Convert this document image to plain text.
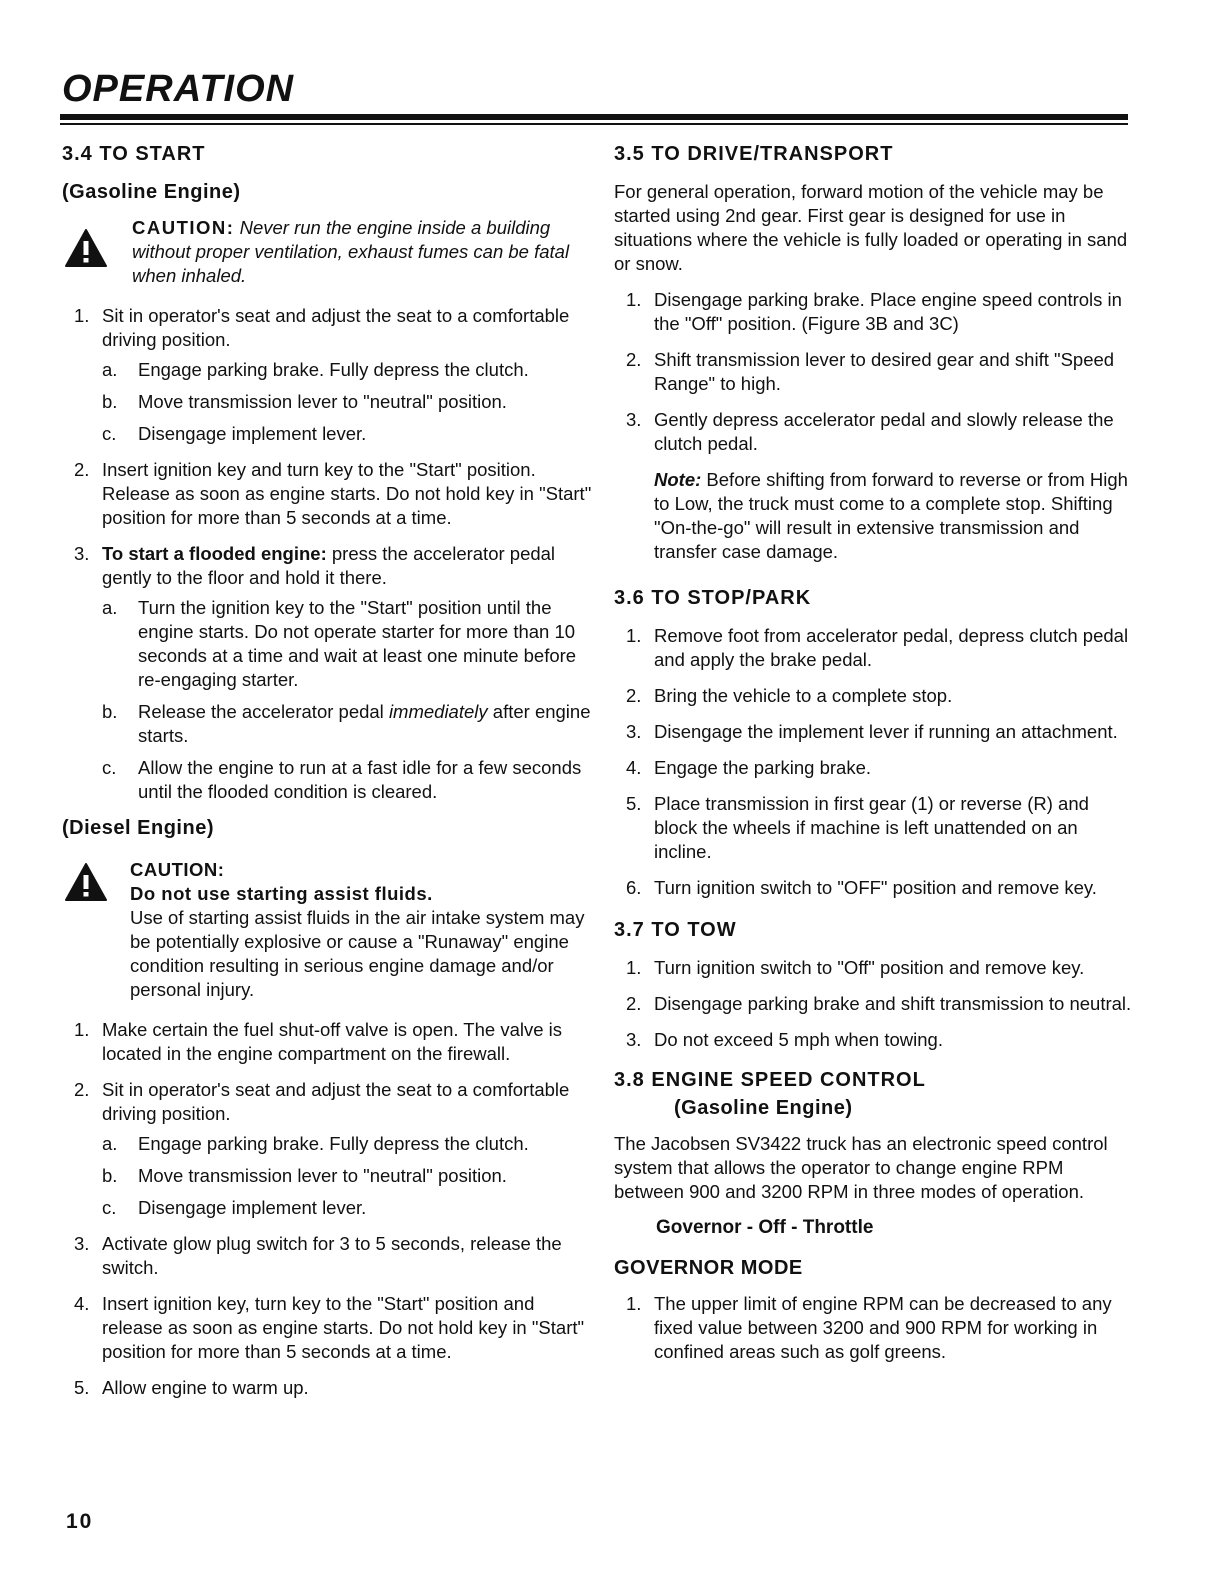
OPERATION
3.4 TO START
(Gasoline Engine)
CAUTION: Never run the engine inside a building without proper ventilation, exhaust fumes can be fatal when inhaled.
1. Sit in operator's seat and adjust the seat to a comfortable driving position.
a. Engage parking brake. Fully depress the clutch.
b. Move transmission lever to "neutral" position.
c. Disengage implement lever.
2. Insert ignition key and turn key to the "Start" position. Release as soon as engine starts. Do not hold key in "Start" position for more than 5 seconds at a time.
3. To start a flooded engine: press the accelerator pedal gently to the floor and hold it there.
a. Turn the ignition key to the "Start" position until the engine starts. Do not operate starter for more than 10 seconds at a time and wait at least one minute before re-engaging starter.
b. Release the accelerator pedal immediately after engine starts.
c. Allow the engine to run at a fast idle for a few seconds until the flooded condition is cleared.
(Diesel Engine)
CAUTION:
Do not use starting assist fluids.
Use of starting assist fluids in the air intake system may be potentially explosive or cause a "Runaway" engine condition resulting in serious engine damage and/or personal injury.
1. Make certain the fuel shut-off valve is open. The valve is located in the engine compartment on the firewall.
2. Sit in operator's seat and adjust the seat to a comfortable driving position.
a. Engage parking brake. Fully depress the clutch.
b. Move transmission lever to "neutral" position.
c. Disengage implement lever.
3. Activate glow plug switch for 3 to 5 seconds, release the switch.
4. Insert ignition key, turn key to the "Start" position and release as soon as engine starts. Do not hold key in "Start" position for more than 5 seconds at a time.
5. Allow engine to warm up.
3.5 TO DRIVE/TRANSPORT
For general operation, forward motion of the vehicle may be started using 2nd gear. First gear is designed for use in situations where the vehicle is fully loaded or operating in sand or snow.
1. Disengage parking brake. Place engine speed controls in the "Off" position. (Figure 3B and 3C)
2. Shift transmission lever to desired gear and shift "Speed Range" to high.
3. Gently depress accelerator pedal and slowly release the clutch pedal.
Note: Before shifting from forward to reverse or from High to Low, the truck must come to a complete stop. Shifting "On-the-go" will result in extensive transmission and transfer case damage.
3.6 TO STOP/PARK
1. Remove foot from accelerator pedal, depress clutch pedal and apply the brake pedal.
2. Bring the vehicle to a complete stop.
3. Disengage the implement lever if running an attachment.
4. Engage the parking brake.
5. Place transmission in first gear (1) or reverse (R) and block the wheels if machine is left unattended on an incline.
6. Turn ignition switch to "OFF" position and remove key.
3.7 TO TOW
1. Turn ignition switch to "Off" position and remove key.
2. Disengage parking brake and shift transmission to neutral.
3. Do not exceed 5 mph when towing.
3.8 ENGINE SPEED CONTROL
(Gasoline Engine)
The Jacobsen SV3422 truck has an electronic speed control system that allows the operator to change engine RPM between 900 and 3200 RPM in three modes of operation.
Governor - Off - Throttle
GOVERNOR MODE
1. The upper limit of engine RPM can be decreased to any fixed value between 3200 and 900 RPM for working in confined areas such as golf greens.
10
